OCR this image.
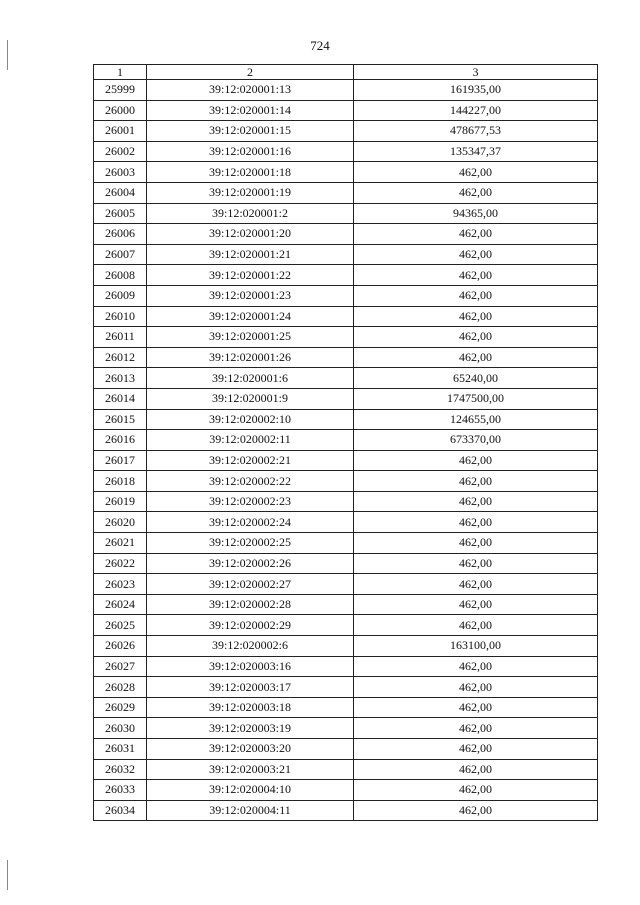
724
1	2	3
25999	39:12:020001:13	161935,00
26000	39:12:020001:14	144227,00
26001	39:12:020001:15	478677,53
26002	39:12:020001:16	135347,37
26003	39:12:020001:18	462,00
26004	39:12:020001:19	462,00
26005	39:12:020001:2	94365,00
26006	39:12:020001:20	462,00
26007	39:12:020001:21	462,00
26008	39:12:020001:22	462,00
26009	39:12:020001:23	462,00
26010	39:12:020001:24	462,00
26011	39:12:020001:25	462,00
26012	39:12:020001:26	462,00
26013	39:12:020001:6	65240,00
26014	39:12:020001:9	1747500,00
26015	39:12:020002:10	124655,00
26016	39:12:020002:11	673370,00
26017	39:12:020002:21	462,00
26018	39:12:020002:22	462,00
26019	39:12:020002:23	462,00
26020	39:12:020002:24	462,00
26021	39:12:020002:25	462,00
26022	39:12:020002:26	462,00
26023	39:12:020002:27	462,00
26024	39:12:020002:28	462,00
26025	39:12:020002:29	462,00
26026	39:12:020002:6	163100,00
26027	39:12:020003:16	462,00
26028	39:12:020003:17	462,00
26029	39:12:020003:18	462,00
26030	39:12:020003:19	462,00
26031	39:12:020003:20	462,00
26032	39:12:020003:21	462,00
26033	39:12:020004:10	462,00
26034	39:12:020004:11	462,00
